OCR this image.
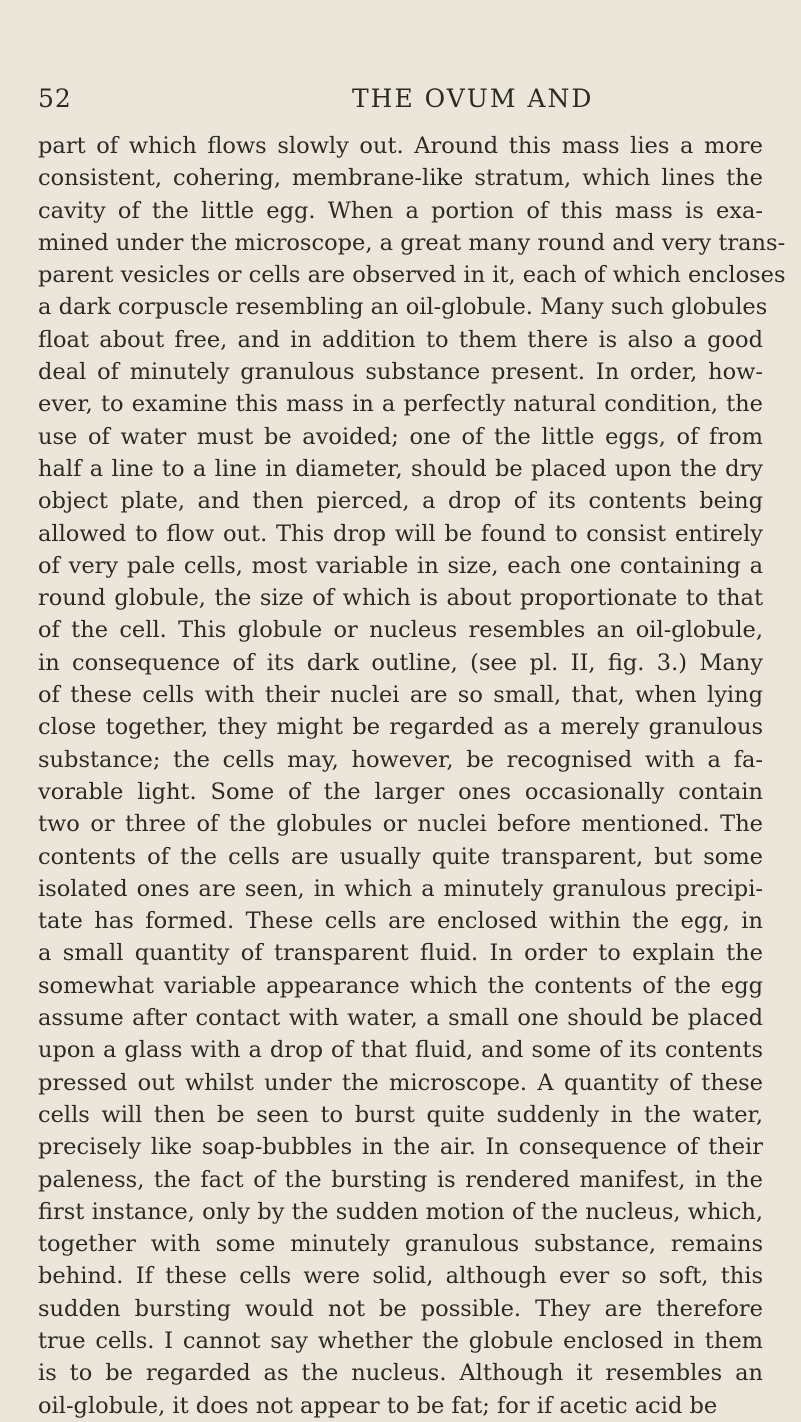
52	THE OVUM AND
part of which flows slowly out. Around this mass lies a more
consistent, cohering, membrane-like stratum, which lines the
cavity of the little egg. When a portion of this mass is exa-
mined under the microscope, a great many round and very trans-
parent vesicles or cells are observed in it, each of which encloses
a dark corpuscle resembling an oil-globule. Many such globules
float about free, and in addition to them there is also a good
deal of minutely granulous substance present. In order, how-
ever, to examine this mass in a perfectly natural condition, the
use of water must be avoided; one of the little eggs, of from
half a line to a line in diameter, should be placed upon the dry
object plate, and then pierced, a drop of its contents being
allowed to flow out. This drop will be found to consist entirely
of very pale cells, most variable in size, each one containing a
round globule, the size of which is about proportionate to that
of the cell. This globule or nucleus resembles an oil-globule,
in consequence of its dark outline, (see pl. II, fig. 3.) Many
of these cells with their nuclei are so small, that, when lying
close together, they might be regarded as a merely granulous
substance; the cells may, however, be recognised with a fa-
vorable light. Some of the larger ones occasionally contain
two or three of the globules or nuclei before mentioned. The
contents of the cells are usually quite transparent, but some
isolated ones are seen, in which a minutely granulous precipi-
tate has formed. These cells are enclosed within the egg, in
a small quantity of transparent fluid. In order to explain the
somewhat variable appearance which the contents of the egg
assume after contact with water, a small one should be placed
upon a glass with a drop of that fluid, and some of its contents
pressed out whilst under the microscope. A quantity of these
cells will then be seen to burst quite suddenly in the water,
precisely like soap-bubbles in the air. In consequence of their
paleness, the fact of the bursting is rendered manifest, in the
first instance, only by the sudden motion of the nucleus, which,
together with some minutely granulous substance, remains
behind. If these cells were solid, although ever so soft, this
sudden bursting would not be possible. They are therefore
true cells. I cannot say whether the globule enclosed in them
is to be regarded as the nucleus. Although it resembles an
oil-globule, it does not appear to be fat; for if acetic acid be
